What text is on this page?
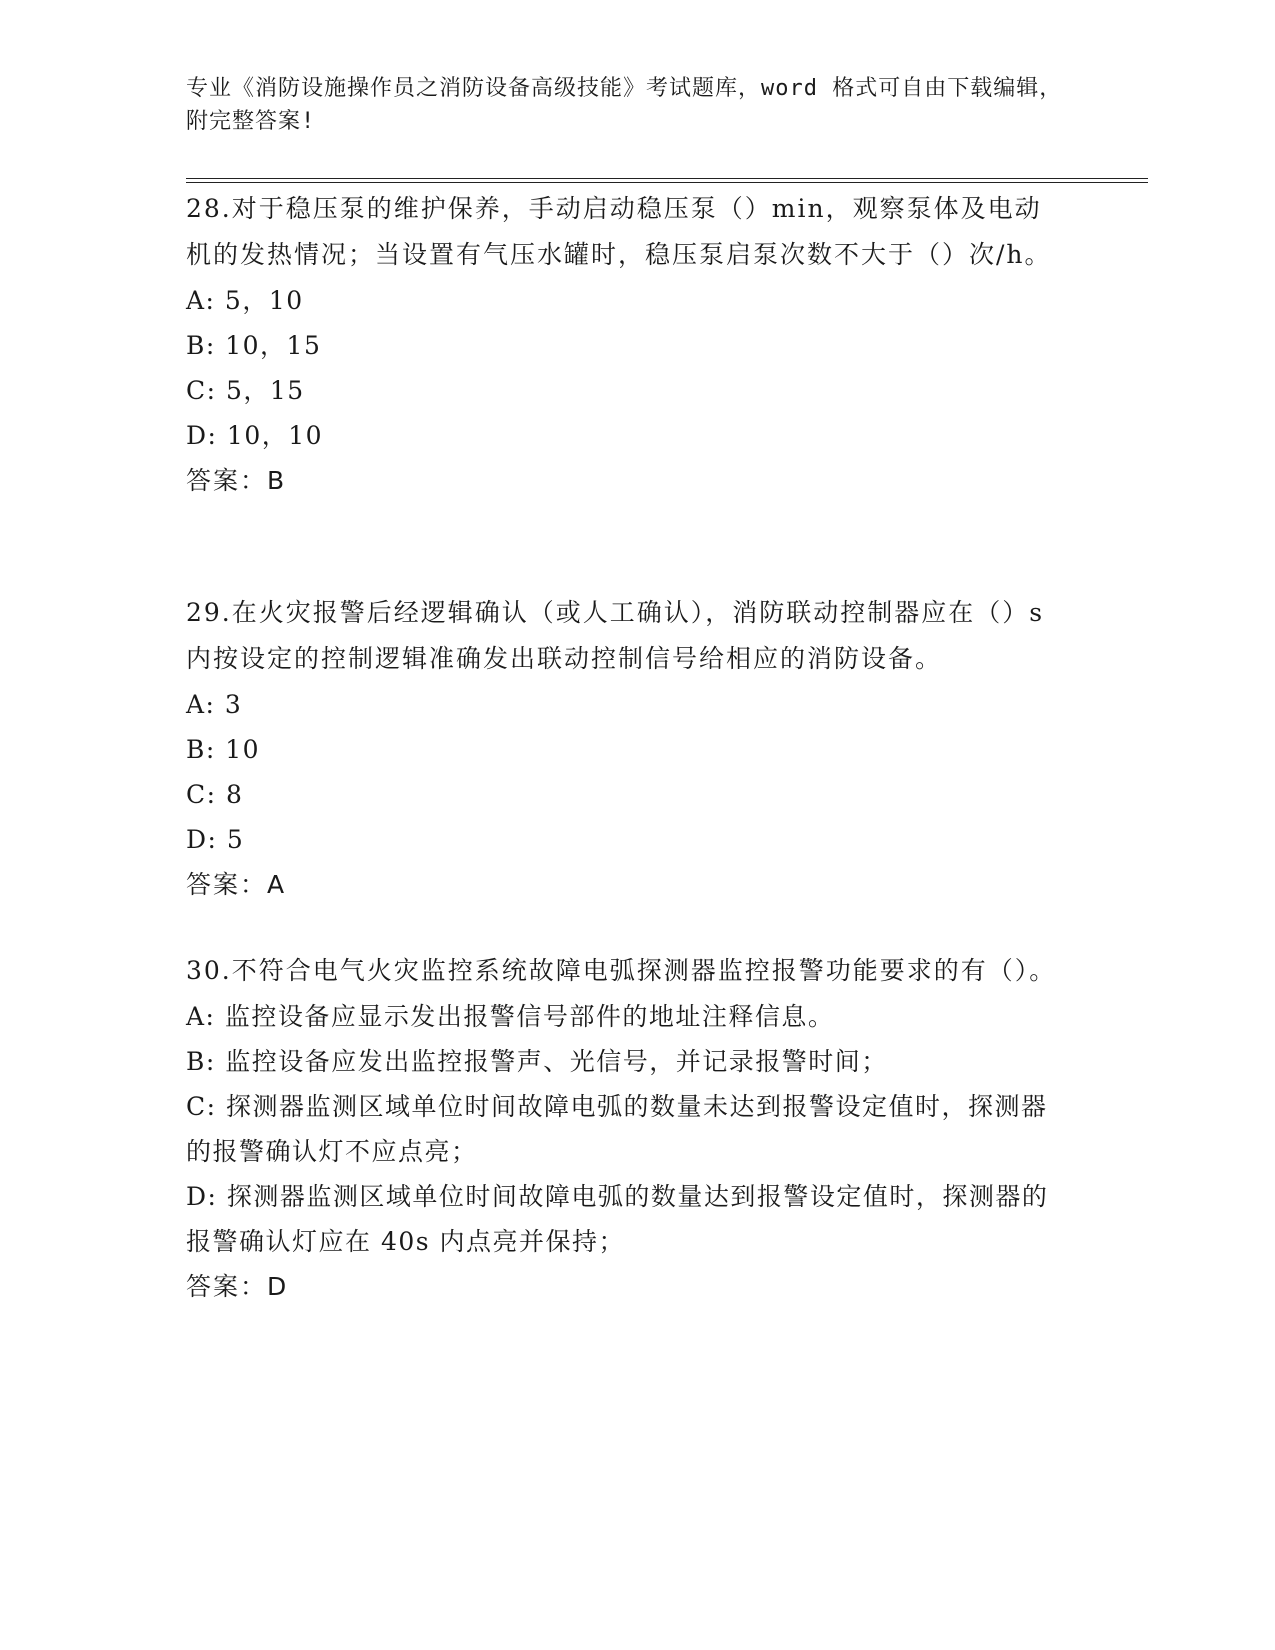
专业《消防设施操作员之消防设备高级技能》考试题库，word 格式可自由下载编辑，附完整答案!

28.对于稳压泵的维护保养，手动启动稳压泵（）min，观察泵体及电动机的发热情况；当设置有气压水罐时，稳压泵启泵次数不大于（）次/h。

A: 5，10

B: 10，15

C: 5，15

D: 10，10

答案：B

29.在火灾报警后经逻辑确认（或人工确认），消防联动控制器应在（）s 内按设定的控制逻辑准确发出联动控制信号给相应的消防设备。

A: 3

B: 10

C: 8

D: 5

答案：A

30.不符合电气火灾监控系统故障电弧探测器监控报警功能要求的有（）。

A: 监控设备应显示发出报警信号部件的地址注释信息。

B: 监控设备应发出监控报警声、光信号，并记录报警时间；

C: 探测器监测区域单位时间故障电弧的数量未达到报警设定值时，探测器的报警确认灯不应点亮；

D: 探测器监测区域单位时间故障电弧的数量达到报警设定值时，探测器的报警确认灯应在 40s 内点亮并保持；

答案：D
